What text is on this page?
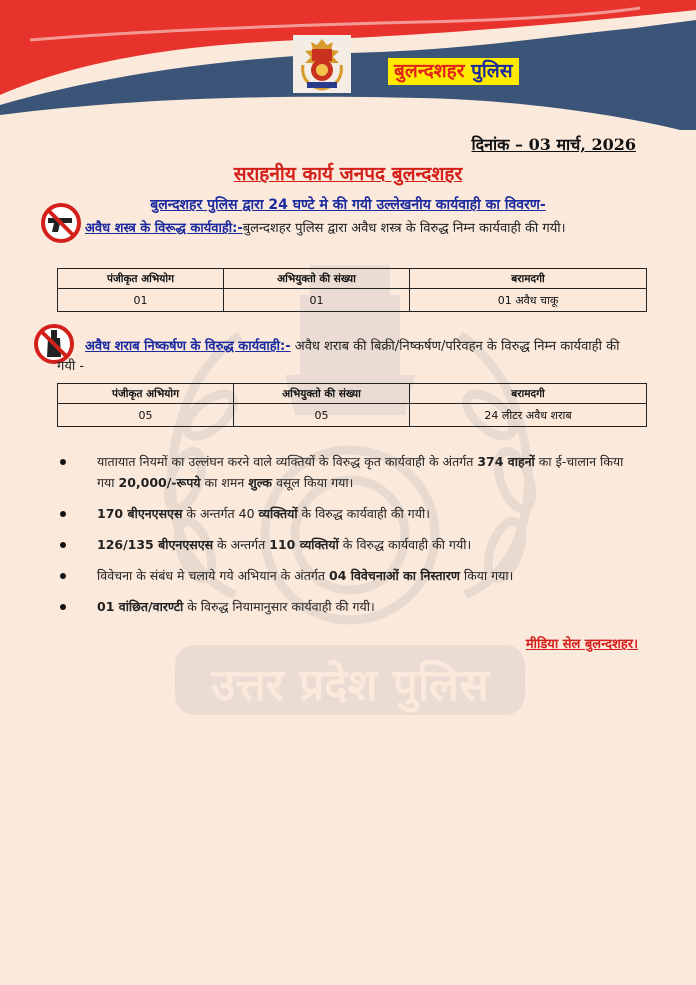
बुलन्दशहर पुलिस
उत्तर प्रदेश पुलिस
दिनांक – 03 मार्च, 2026
सराहनीय कार्य जनपद बुलन्दशहर
बुलन्दशहर पुलिस द्वारा 24 घण्टे मे की गयी उल्लेखनीय कार्यवाही का विवरण-
अवैध शस्त्र के विरूद्ध कार्यवाही:-बुलन्दशहर पुलिस द्वारा अवैध शस्त्र के विरुद्ध निम्न कार्यवाही की गयी।
पंजीकृत अभियोग	अभियुक्तो की संख्या	बरामदगी
01	01	01 अवैध चाकू
अवैध शराब निष्कर्षण के विरुद्ध कार्यवाही:- अवैध शराब की बिक्री/निष्कर्षण/परिवहन के विरुद्ध निम्न कार्यवाही की गयी -
पंजीकृत अभियोग	अभियुक्तो की संख्या	बरामदगी
05	05	24 लीटर अवैध शराब
यातायात नियमों का उल्लंघन करने वाले व्यक्तियों के विरुद्ध कृत कार्यवाही के अंतर्गत 374 वाहनों का ई-चालान किया गया 20,000/-रूपये का शमन शुल्क वसूल किया गया।
170 बीएनएसएस के अन्तर्गत 40 व्यक्तियों के विरुद्ध कार्यवाही की गयी।
126/135 बीएनएसएस के अन्तर्गत 110 व्यक्तियों के विरुद्ध कार्यवाही की गयी।
विवेचना के संबंध मे चलाये गये अभियान के अंतर्गत 04 विवेचनाओं का निस्तारण किया गया।
01 वांछित/वारण्टी के विरुद्ध नियामानुसार कार्यवाही की गयी।
मीडिया सेल बुलन्दशहर।
